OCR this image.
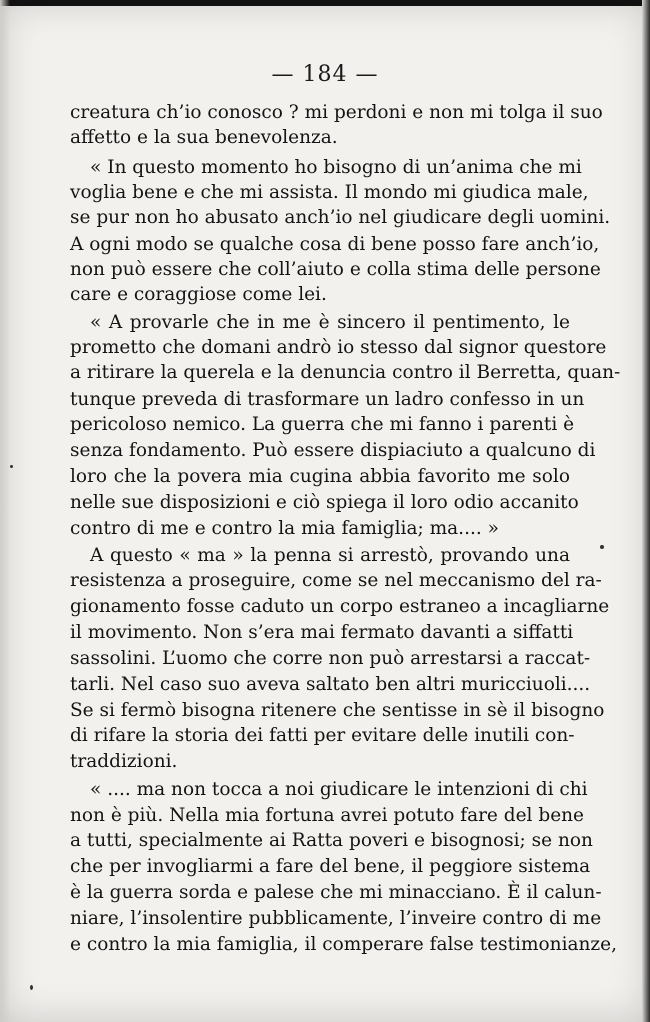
— 184 —
creatura ch’io conosco ? mi perdoni e non mi tolga il suo
affetto e la sua benevolenza.
« In questo momento ho bisogno di un’anima che mi
voglia bene e che mi assista. Il mondo mi giudica male,
se pur non ho abusato anch’io nel giudicare degli uomini.
A ogni modo se qualche cosa di bene posso fare anch’io,
non può essere che coll’aiuto e colla stima delle persone
care e coraggiose come lei.
« A provarle che in me è sincero il pentimento, le
prometto che domani andrò io stesso dal signor questore
a ritirare la querela e la denuncia contro il Berretta, quan-
tunque preveda di trasformare un ladro confesso in un
pericoloso nemico. La guerra che mi fanno i parenti è
senza fondamento. Può essere dispiaciuto a qualcuno di
loro che la povera mia cugina abbia favorito me solo
nelle sue disposizioni e ciò spiega il loro odio accanito
contro di me e contro la mia famiglia; ma.... »
A questo « ma » la penna si arrestò, provando una
resistenza a proseguire, come se nel meccanismo del ra-
gionamento fosse caduto un corpo estraneo a incagliarne
il movimento. Non s’era mai fermato davanti a siffatti
sassolini. L’uomo che corre non può arrestarsi a raccat-
tarli. Nel caso suo aveva saltato ben altri muricciuoli....
Se si fermò bisogna ritenere che sentisse in sè il bisogno
di rifare la storia dei fatti per evitare delle inutili con-
traddizioni.
« .... ma non tocca a noi giudicare le intenzioni di chi
non è più. Nella mia fortuna avrei potuto fare del bene
a tutti, specialmente ai Ratta poveri e bisognosi; se non
che per invogliarmi a fare del bene, il peggiore sistema
è la guerra sorda e palese che mi minacciano. È il calun-
niare, l’insolentire pubblicamente, l’inveire contro di me
e contro la mia famiglia, il comperare false testimonianze,
